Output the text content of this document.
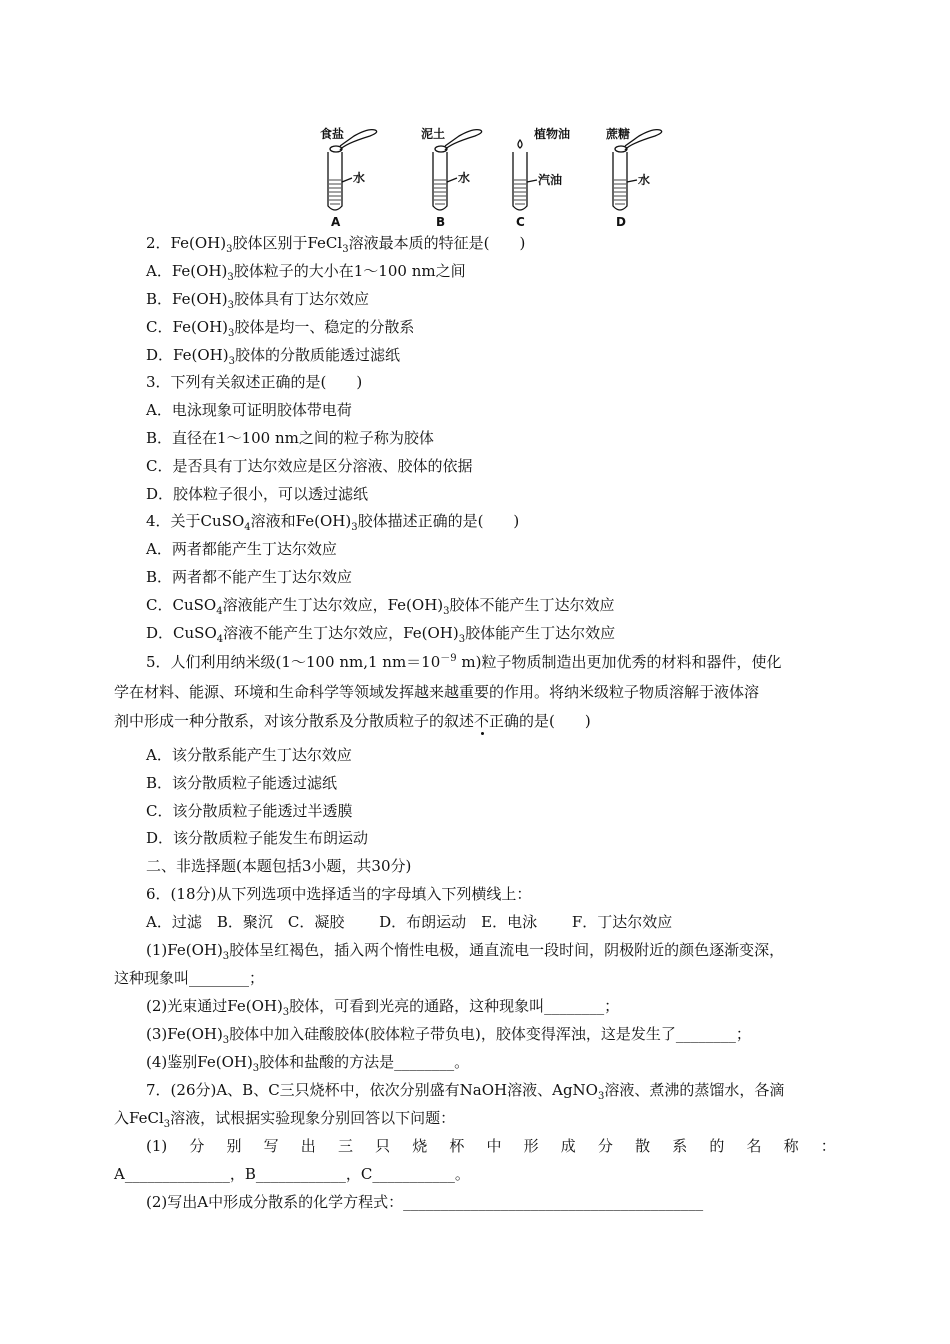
食盐
水
A
泥土
水
B
植物油
汽油
C
蔗糖
水
D
2．$Fe(OH)_3$胶体区别于FeCl$_3$溶液最本质的特征是(　　)
A．$Fe(OH)_3$胶体粒子的大小在1～100 nm之间
B．$Fe(OH)_3$胶体具有丁达尔效应
C．$Fe(OH)_3$胶体是均一、稳定的分散系
D．$Fe(OH)_3$胶体的分散质能透过滤纸
3．下列有关叙述正确的是(　　)
A．电泳现象可证明胶体带电荷
B．直径在1～100 nm之间的粒子称为胶体
C．是否具有丁达尔效应是区分溶液、胶体的依据
D．胶体粒子很小，可以透过滤纸
4．关于CuSO$_4$溶液和$Fe(OH)_3$胶体描述正确的是(　　)
A．两者都能产生丁达尔效应
B．两者都不能产生丁达尔效应
C．CuSO$_4$溶液能产生丁达尔效应，$Fe(OH)_3$胶体不能产生丁达尔效应
D．CuSO$_4$溶液不能产生丁达尔效应，$Fe(OH)_3$胶体能产生丁达尔效应
5．人们利用纳米级(1～100 nm,1 $nm=10^{-9}$ m)粒子物质制造出更加优秀的材料和器件，使化
学在材料、能源、环境和生命科学等领域发挥越来越重要的作用。将纳米级粒子物质溶解于液体溶
剂中形成一种分散系，对该分散系及分散质粒子的叙述不正确的是(　　)
A．该分散系能产生丁达尔效应
B．该分散质粒子能透过滤纸
C．该分散质粒子能透过半透膜
D．该分散质粒子能发生布朗运动
二、非选择题(本题包括3小题，共30分)
6．(18分)从下列选项中选择适当的字母填入下列横线上：
A．过滤　B．聚沉　C．凝胶　　 D．布朗运动　E．电泳　　 F．丁达尔效应
$(1)Fe(OH)_3$胶体呈红褐色，插入两个惰性电极，通直流电一段时间，阴极附近的颜色逐渐变深，
这种现象叫________；
(2)光束通过$Fe(OH)_3$胶体，可看到光亮的通路，这种现象叫________；
$(3)Fe(OH)_3$胶体中加入硅酸胶体(胶体粒子带负电)，胶体变得浑浊，这是发生了________；
(4)鉴别$Fe(OH)_3$胶体和盐酸的方法是________。
7．(26分)A、B、C三只烧杯中，依次分别盛有NaOH溶液、AgNO$_3$溶液、煮沸的蒸馏水，各滴
入FeCl$_3$溶液，试根据实验现象分别回答以下问题：
(1) 分 别 写 出 三 只 烧 杯 中 形 成 分 散 系 的 名 称 ：
A______________，B____________，C___________。
(2)写出A中形成分散系的化学方程式：________________________________________
